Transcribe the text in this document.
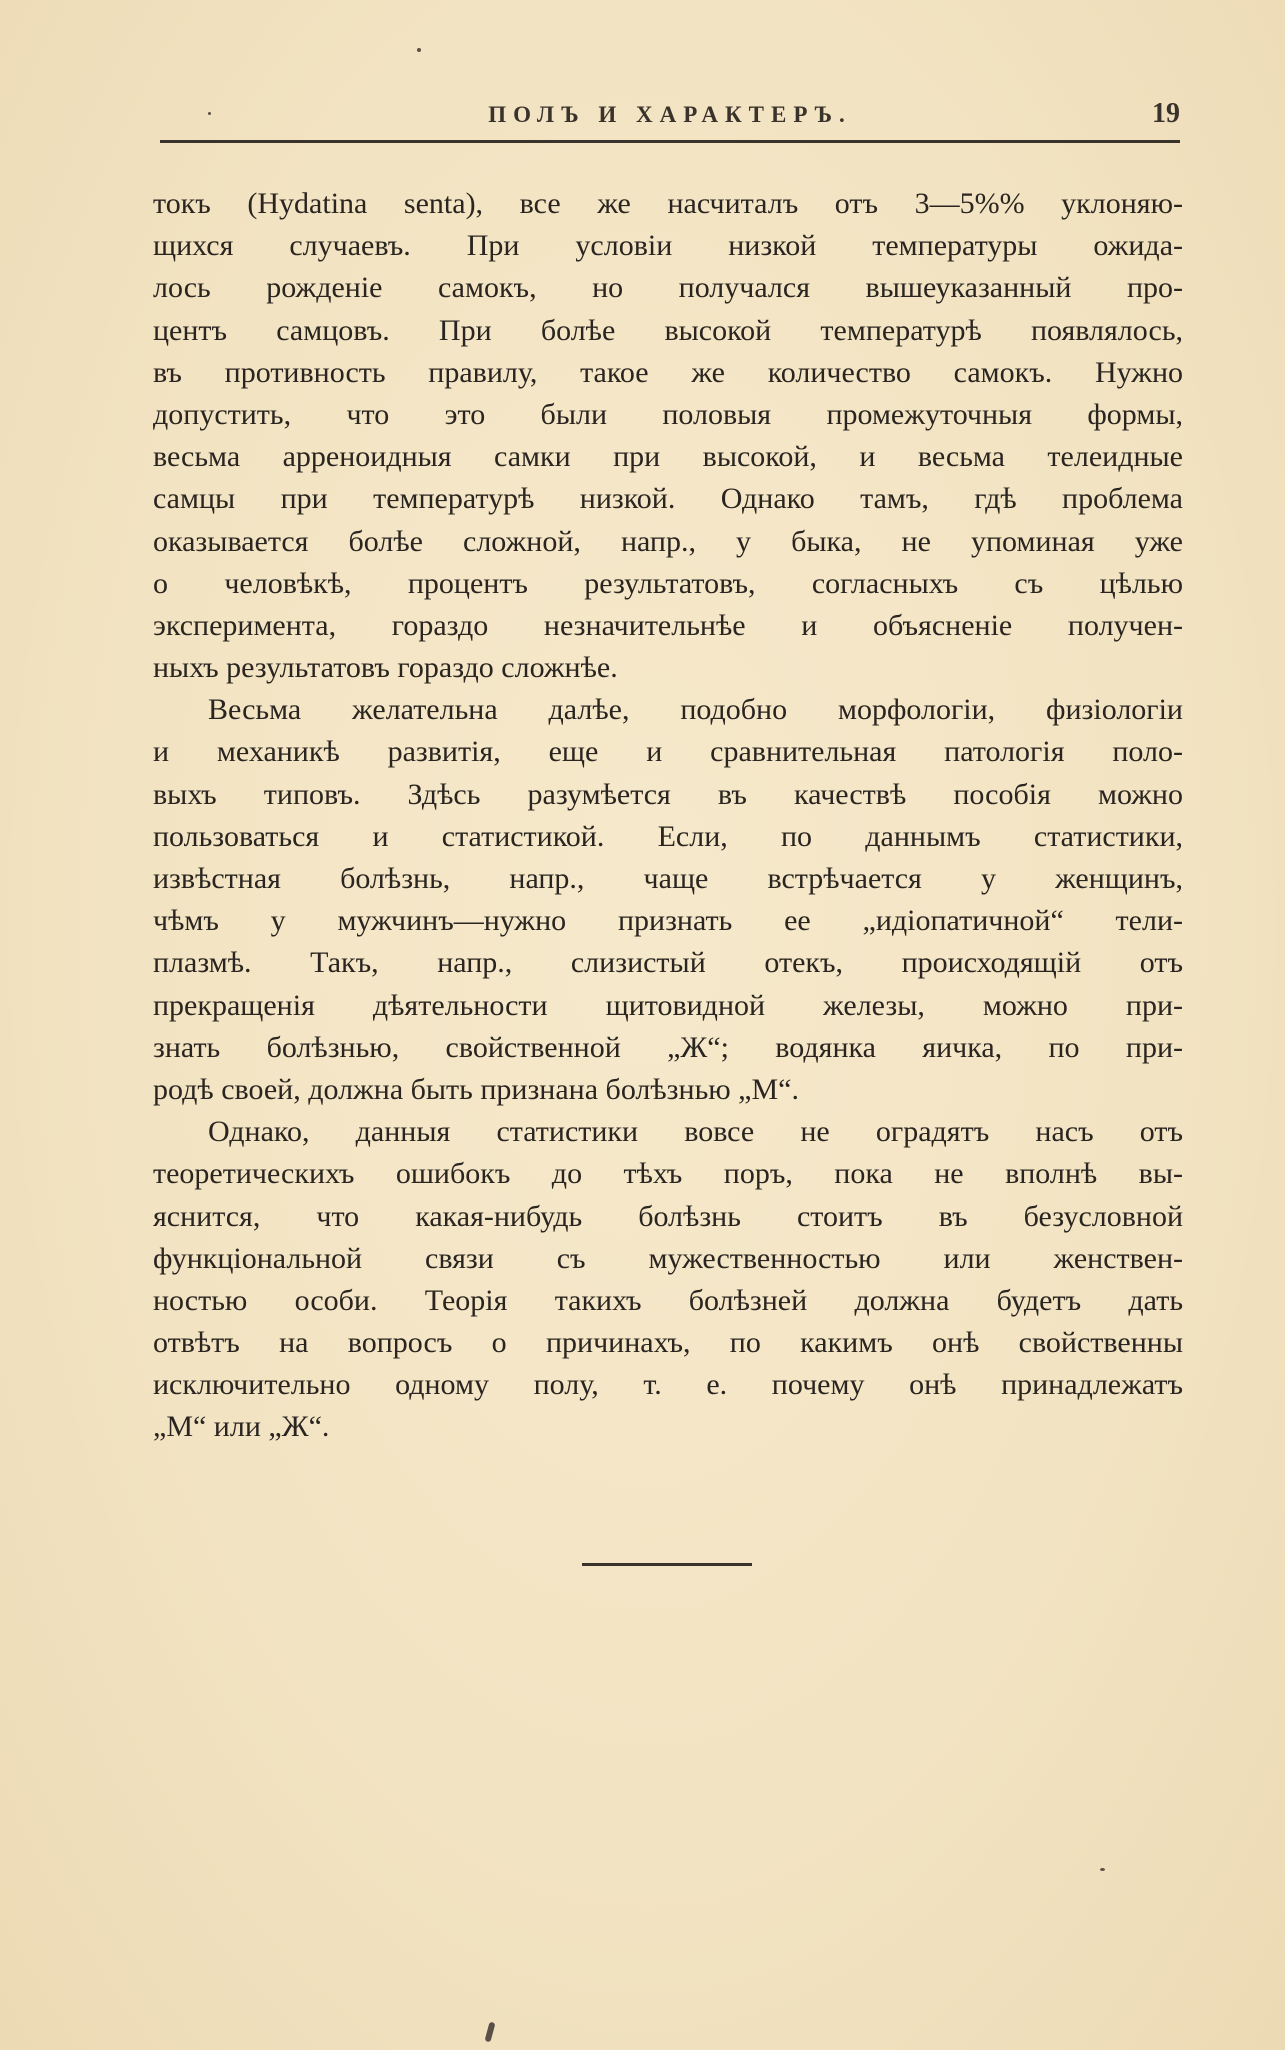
ПОЛЪ И ХАРАКТЕРЪ.	19
токъ (Hydatina senta), все же насчиталъ отъ 3—5%% уклоняю-
щихся случаевъ. При условіи низкой температуры ожида-
лось рожденіе самокъ, но получался вышеуказанный про-
центъ самцовъ. При болѣе высокой температурѣ появлялось,
въ противность правилу, такое же количество самокъ. Нужно
допустить, что это были половыя промежуточныя формы,
весьма арренoидныя самки при высокой, и весьма телеидные
самцы при температурѣ низкой. Однако тамъ, гдѣ проблема
оказывается болѣе сложной, напр., у быка, не упоминая уже
о человѣкѣ, процентъ результатовъ, согласныхъ съ цѣлью
эксперимента, гораздо незначительнѣе и объясненіе получен-
ныхъ результатовъ гораздо сложнѣе.
Весьма желательна далѣе, подобно морфологіи, физіологіи
и механикѣ развитія, еще и сравнительная патологія поло-
выхъ типовъ. Здѣсь разумѣется въ качествѣ пособія можно
пользоваться и статистикой. Если, по даннымъ статистики,
извѣстная болѣзнь, напр., чаще встрѣчается у женщинъ,
чѣмъ у мужчинъ—нужно признать ее „идіопатичной“ тели-
плазмѣ. Такъ, напр., слизистый отекъ, происходящій отъ
прекращенія дѣятельности щитовидной железы, можно при-
знать болѣзнью, свойственной „Ж“; водянка яичка, по при-
родѣ своей, должна быть признана болѣзнью „М“.
Однако, данныя статистики вовсе не оградятъ насъ отъ
теоретическихъ ошибокъ до тѣхъ поръ, пока не вполнѣ вы-
яснится, что какая-нибудь болѣзнь стоитъ въ безусловной
функціональной связи съ мужественностью или женствен-
ностью особи. Теорія такихъ болѣзней должна будетъ дать
отвѣтъ на вопросъ о причинахъ, по какимъ онѣ свойственны
исключительно одному полу, т. е. почему онѣ принадлежатъ
„М“ или „Ж“.
